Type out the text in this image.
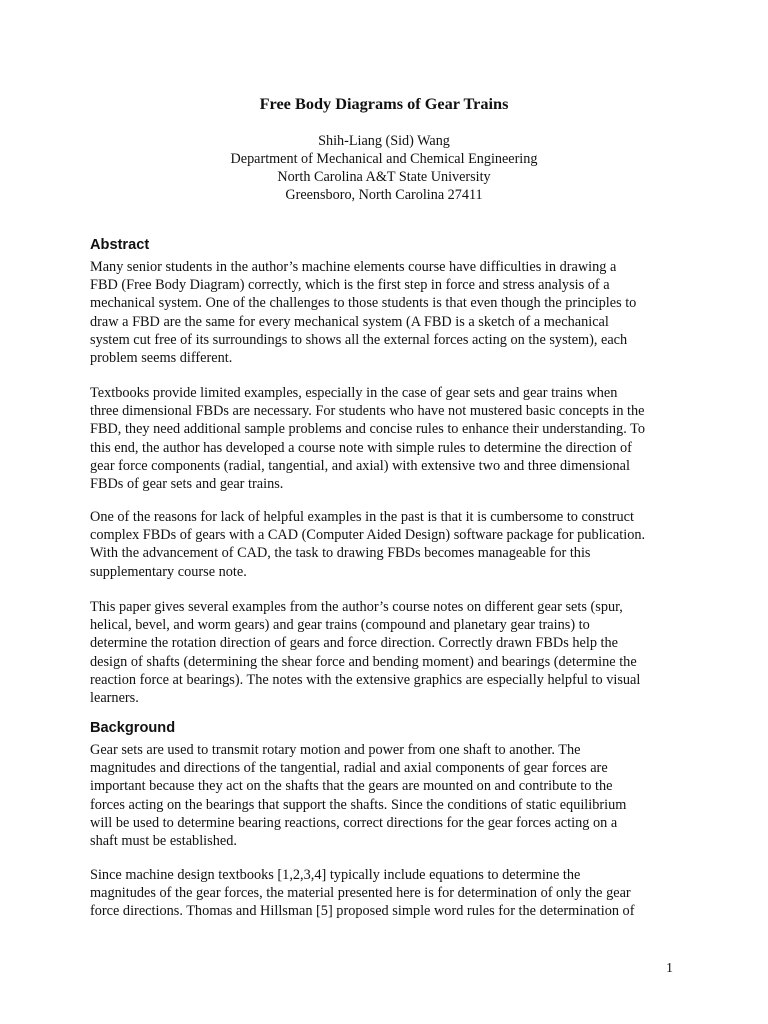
Free Body Diagrams of Gear Trains
Shih-Liang (Sid) Wang
Department of Mechanical and Chemical Engineering
North Carolina A&T State University
Greensboro, North Carolina 27411
Abstract
Many senior students in the author’s machine elements course have difficulties in drawing a
FBD (Free Body Diagram) correctly, which is the first step in force and stress analysis of a
mechanical system. One of the challenges to those students is that even though the principles to
draw a FBD are the same for every mechanical system (A FBD is a sketch of a mechanical
system cut free of its surroundings to shows all the external forces acting on the system), each
problem seems different.
Textbooks provide limited examples, especially in the case of gear sets and gear trains when
three dimensional FBDs are necessary. For students who have not mustered basic concepts in the
FBD, they need additional sample problems and concise rules to enhance their understanding. To
this end, the author has developed a course note with simple rules to determine the direction of
gear force components (radial, tangential, and axial) with extensive two and three dimensional
FBDs of gear sets and gear trains.
One of the reasons for lack of helpful examples in the past is that it is cumbersome to construct
complex FBDs of gears with a CAD (Computer Aided Design) software package for publication.
With the advancement of CAD, the task to drawing FBDs becomes manageable for this
supplementary course note.
This paper gives several examples from the author’s course notes on different gear sets (spur,
helical, bevel, and worm gears) and gear trains (compound and planetary gear trains) to
determine the rotation direction of gears and force direction. Correctly drawn FBDs help the
design of shafts (determining the shear force and bending moment) and bearings (determine the
reaction force at bearings). The notes with the extensive graphics are especially helpful to visual
learners.
Background
Gear sets are used to transmit rotary motion and power from one shaft to another. The
magnitudes and directions of the tangential, radial and axial components of gear forces are
important because they act on the shafts that the gears are mounted on and contribute to the
forces acting on the bearings that support the shafts. Since the conditions of static equilibrium
will be used to determine bearing reactions, correct directions for the gear forces acting on a
shaft must be established.
Since machine design textbooks [1,2,3,4] typically include equations to determine the
magnitudes of the gear forces, the material presented here is for determination of only the gear
force directions. Thomas and Hillsman [5] proposed simple word rules for the determination of
1
